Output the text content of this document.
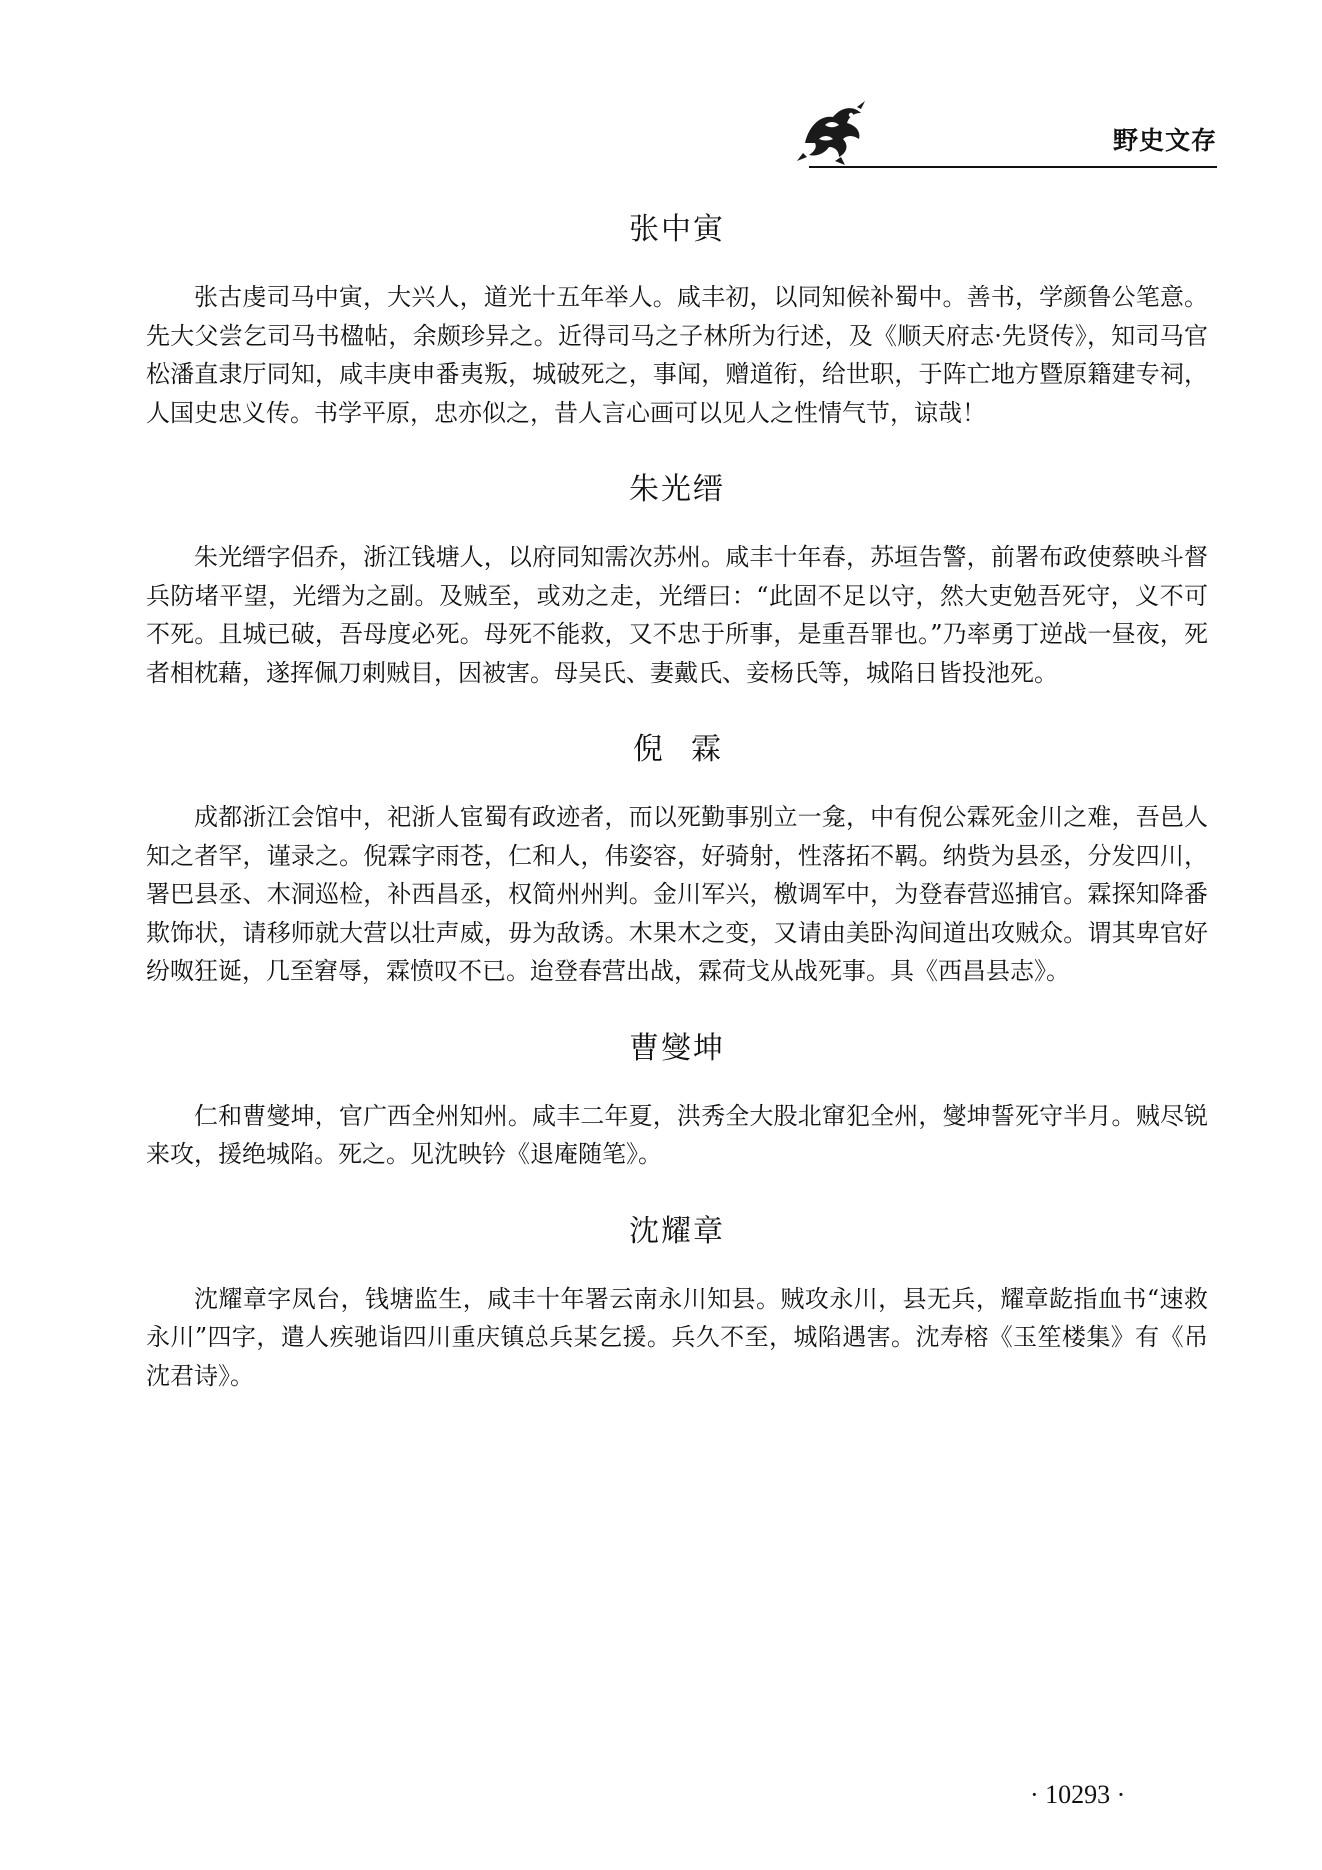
野史文存
张中寅

张古虔司马中寅，大兴人，道光十五年举人。咸丰初，以同知候补蜀中。善书，学颜鲁公笔意。先大父尝乞司马书楹帖，余颇珍异之。近得司马之子林所为行述，及《顺天府志·先贤传》，知司马官松潘直隶厅同知，咸丰庚申番夷叛，城破死之，事闻，赠道衔，给世职，于阵亡地方暨原籍建专祠，人国史忠义传。书学平原，忠亦似之，昔人言心画可以见人之性情气节，谅哉！

朱光缙

朱光缙字侣乔，浙江钱塘人，以府同知需次苏州。咸丰十年春，苏垣告警，前署布政使蔡映斗督兵防堵平望，光缙为之副。及贼至，或劝之走，光缙曰：“此固不足以守，然大吏勉吾死守，义不可不死。且城已破，吾母度必死。母死不能救，又不忠于所事，是重吾罪也。”乃率勇丁逆战一昼夜，死者相枕藉，遂挥佩刀刺贼目，因被害。母吴氏、妻戴氏、妾杨氏等，城陷日皆投池死。

倪霖

成都浙江会馆中，祀浙人宦蜀有政迹者，而以死勤事别立一龛，中有倪公霖死金川之难，吾邑人知之者罕，谨录之。倪霖字雨苍，仁和人，伟姿容，好骑射，性落拓不羁。纳赀为县丞，分发四川，署巴县丞、木洞巡检，补西昌丞，权简州州判。金川军兴，檄调军中，为登春营巡捕官。霖探知降番欺饰状，请移师就大营以壮声威，毋为敌诱。木果木之变，又请由美卧沟间道出攻贼众。谓其卑官好纷呶狂诞，几至窘辱，霖愤叹不已。迨登春营出战，霖荷戈从战死事。具《西昌县志》。

曹燮坤

仁和曹燮坤，官广西全州知州。咸丰二年夏，洪秀全大股北窜犯全州，燮坤誓死守半月。贼尽锐来攻，援绝城陷。死之。见沈映钤《退庵随笔》。

沈耀章

沈耀章字凤台，钱塘监生，咸丰十年署云南永川知县。贼攻永川，县无兵，耀章龁指血书“速救永川”四字，遣人疾驰诣四川重庆镇总兵某乞援。兵久不至，城陷遇害。沈寿榕《玉笙楼集》有《吊沈君诗》。

· 10293 ·
